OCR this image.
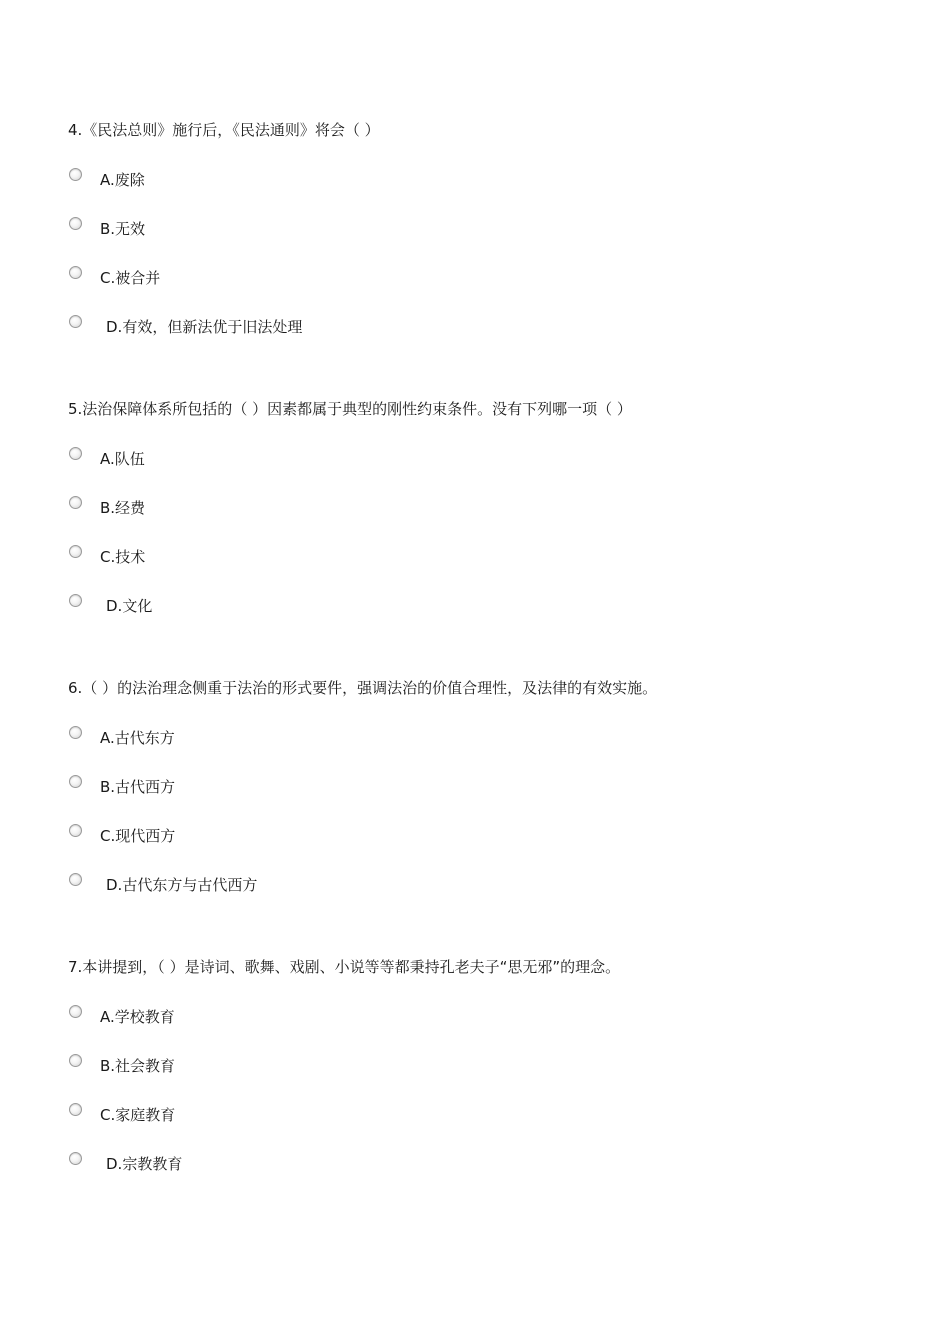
4.《民法总则》施行后，《民法通则》将会（ ）
A.废除
B.无效
C.被合并
D.有效，但新法优于旧法处理
5.法治保障体系所包括的（ ）因素都属于典型的刚性约束条件。没有下列哪一项（ ）
A.队伍
B.经费
C.技术
D.文化
6.（ ）的法治理念侧重于法治的形式要件，强调法治的价值合理性，及法律的有效实施。
A.古代东方
B.古代西方
C.现代西方
D.古代东方与古代西方
7.本讲提到，（ ）是诗词、歌舞、戏剧、小说等等都秉持孔老夫子“思无邪”的理念。
A.学校教育
B.社会教育
C.家庭教育
D.宗教教育
